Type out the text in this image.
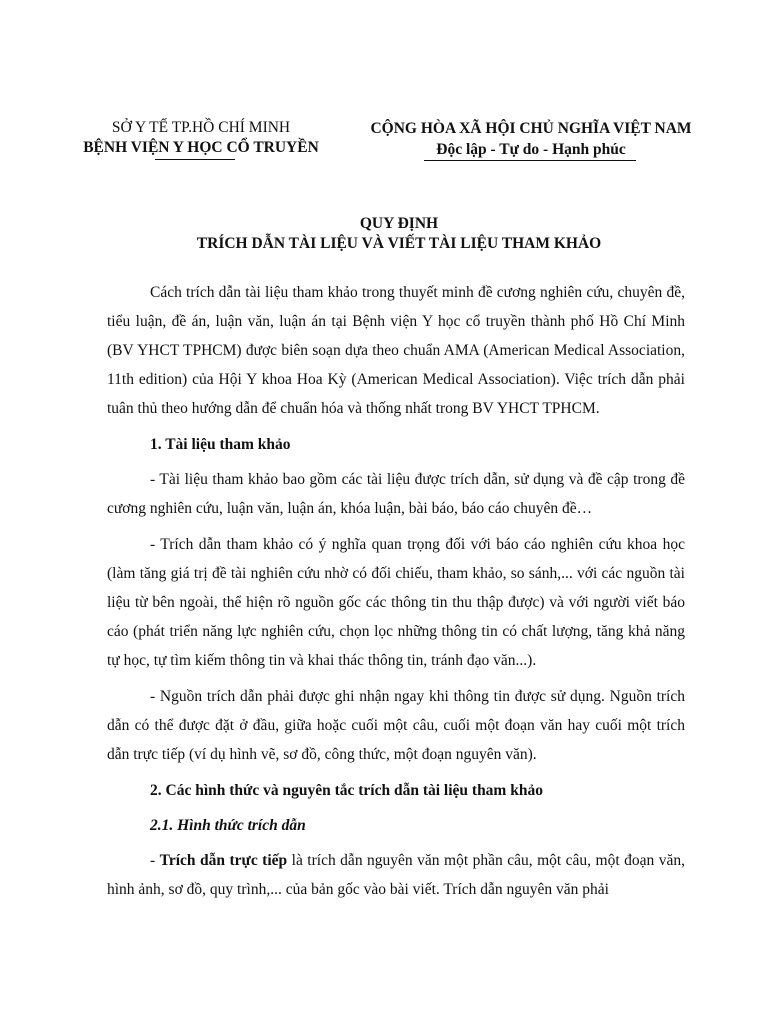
SỞ Y TẾ TP.HỒ CHÍ MINH
BỆNH VIỆN Y HỌC CỔ TRUYỀN
CỘNG HÒA XÃ HỘI CHỦ NGHĨA VIỆT NAM
Độc lập - Tự do - Hạnh phúc
QUY ĐỊNH
TRÍCH DẪN TÀI LIỆU VÀ VIẾT TÀI LIỆU THAM KHẢO

Cách trích dẫn tài liệu tham khảo trong thuyết minh đề cương nghiên cứu, chuyên đề, tiểu luận, đề án, luận văn, luận án tại Bệnh viện Y học cổ truyền thành phố Hồ Chí Minh (BV YHCT TPHCM) được biên soạn dựa theo chuẩn AMA (American Medical Association, 11th edition) của Hội Y khoa Hoa Kỳ (American Medical Association). Việc trích dẫn phải tuân thủ theo hướng dẫn để chuẩn hóa và thống nhất trong BV YHCT TPHCM.

1. Tài liệu tham khảo

- Tài liệu tham khảo bao gồm các tài liệu được trích dẫn, sử dụng và đề cập trong đề cương nghiên cứu, luận văn, luận án, khóa luận, bài báo, báo cáo chuyên đề…

- Trích dẫn tham khảo có ý nghĩa quan trọng đối với báo cáo nghiên cứu khoa học (làm tăng giá trị đề tài nghiên cứu nhờ có đối chiếu, tham khảo, so sánh,... với các nguồn tài liệu từ bên ngoài, thể hiện rõ nguồn gốc các thông tin thu thập được) và với người viết báo cáo (phát triển năng lực nghiên cứu, chọn lọc những thông tin có chất lượng, tăng khả năng tự học, tự tìm kiếm thông tin và khai thác thông tin, tránh đạo văn...).

- Nguồn trích dẫn phải được ghi nhận ngay khi thông tin được sử dụng. Nguồn trích dẫn có thể được đặt ở đầu, giữa hoặc cuối một câu, cuối một đoạn văn hay cuối một trích dẫn trực tiếp (ví dụ hình vẽ, sơ đồ, công thức, một đoạn nguyên văn).

2. Các hình thức và nguyên tắc trích dẫn tài liệu tham khảo

2.1. Hình thức trích dẫn

- Trích dẫn trực tiếp là trích dẫn nguyên văn một phần câu, một câu, một đoạn văn, hình ảnh, sơ đồ, quy trình,... của bản gốc vào bài viết. Trích dẫn nguyên văn phải
